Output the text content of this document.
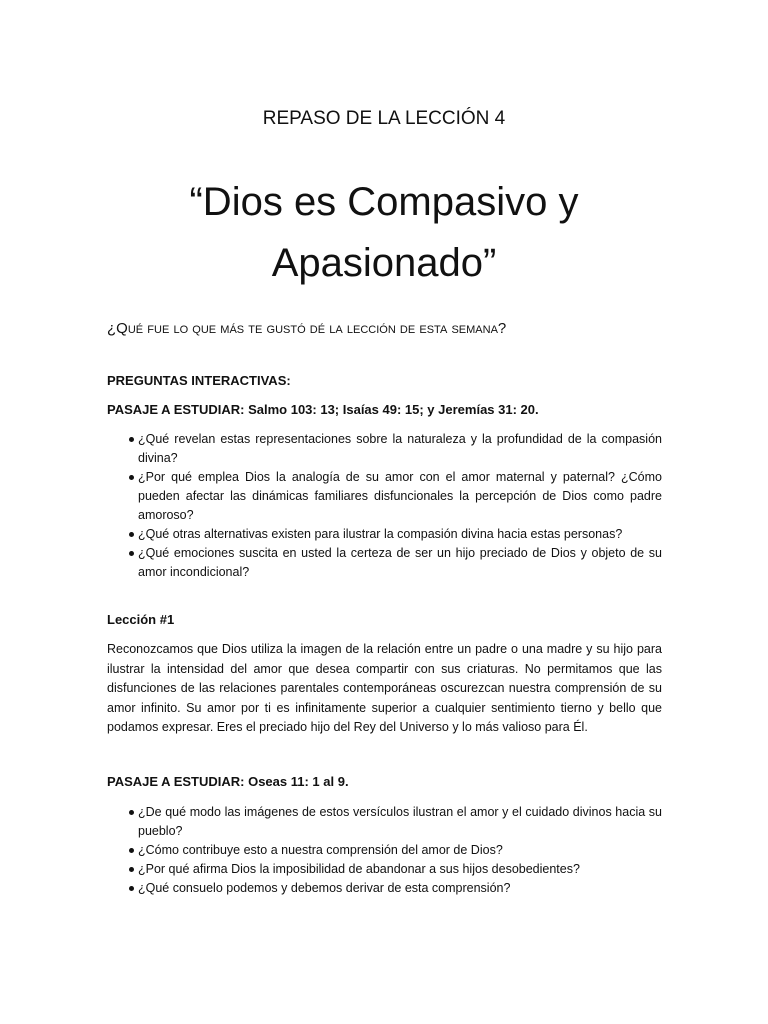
REPASO DE LA LECCIÓN 4
“Dios es Compasivo y
Apasionado”
¿Qué fue lo que más te gustó dé la lección de esta semana?
PREGUNTAS INTERACTIVAS:
PASAJE A ESTUDIAR: Salmo 103: 13; Isaías 49: 15; y Jeremías 31: 20.
¿Qué revelan estas representaciones sobre la naturaleza y la profundidad de la compasión divina?
¿Por qué emplea Dios la analogía de su amor con el amor maternal y paternal? ¿Cómo pueden afectar las dinámicas familiares disfuncionales la percepción de Dios como padre amoroso?
¿Qué otras alternativas existen para ilustrar la compasión divina hacia estas personas?
¿Qué emociones suscita en usted la certeza de ser un hijo preciado de Dios y objeto de su amor incondicional?
Lección #1

Reconozcamos que Dios utiliza la imagen de la relación entre un padre o una madre y su hijo para ilustrar la intensidad del amor que desea compartir con sus criaturas. No permitamos que las disfunciones de las relaciones parentales contemporáneas oscurezcan nuestra comprensión de su amor infinito. Su amor por ti es infinitamente superior a cualquier sentimiento tierno y bello que podamos expresar. Eres el preciado hijo del Rey del Universo y lo más valioso para Él.

PASAJE A ESTUDIAR: Oseas 11: 1 al 9.
¿De qué modo las imágenes de estos versículos ilustran el amor y el cuidado divinos hacia su pueblo?
¿Cómo contribuye esto a nuestra comprensión del amor de Dios?
¿Por qué afirma Dios la imposibilidad de abandonar a sus hijos desobedientes?
¿Qué consuelo podemos y debemos derivar de esta comprensión?
